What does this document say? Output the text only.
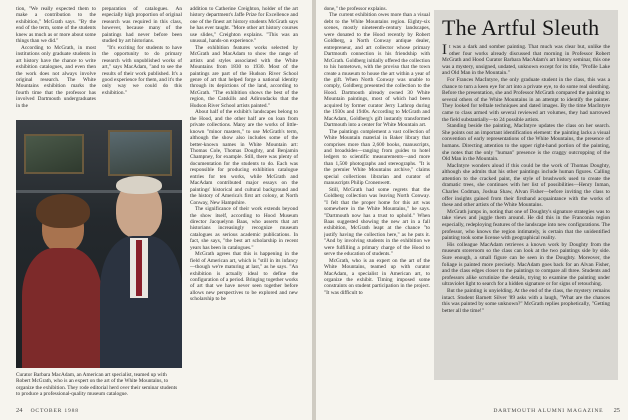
tion, "We really expected them to make a contribution to the exhibition," McGrath says. "By the end of the term, some of the students knew as much as or more about some things than we did."

According to McGrath, in most institutions only graduate students in art history have the chance to write exhibition catalogues, and even then the work does not always involve original research. The White Mountains exhibition marks the fourth time that the professor has involved Dartmouth undergraduates in the

preparation of catalogues. An especially high proportion of original research was required in this class, however, because many of the paintings had never before been studied by art historians.

"It's exciting for students to have the opportunity to do primary research with unpublished works of art," says MacAdam, "and to see the results of their work published. It's a good experience for them, and it's the only way we could do this exhibition."

addition to Catherine Creighton, holder of the art history department's Jaffe Prize for Excellence and one of the finest art history students McGrath says he has ever taught. "More other art history courses use slides," Creighton explains. "This was an unusual, hands-on experience."

The exhibition features works selected by McGrath and MacAdam to show the range of artists and styles associated with the White Mountains from 1830 to 1930. Most of the paintings are part of the Hudson River School genre of art that helped forge a national identity through its depictions of the land, according to McGrath. "The exhibition shows the best of the region, the Catskills and Adirondacks that the Hudson River School artists painted."

About half of the exhibit's landscapes belong to the Hood, and the other half are on loan from private collections. Many are the works of little-known "minor masters," to use McGrath's term, although the show also includes some of the better-known names in White Mountain art: Thomas Cole, Thomas Doughty, and Benjamin Champney, for example. Still, there was plenty of documentation for the students to do. Each was responsible for producing exhibition catalogue entries for ten works, while McGrath and MacAdam contributed major essays on the paintings' historical and cultural background and the history of America's first art colony, at North Conway, New Hampshire.

The significance of their work extends beyond the show itself, according to Hood Museum director Jacquelynn Baas, who asserts that art historians increasingly recognize museum catalogues as serious academic publications. In fact, she says, "the best art scholarship in recent years has been in catalogues."

McGrath agrees that this is happening in the field of American art, which is "still in its infancy—though we're maturing at last," as he says. "An exhibition is actually ideal to define the configuration of a period. Bringing together works of art that we have never seen together before allows new perspectives to be explored and new scholarship to be

Curator Barbara MacAdam, an American art specialist, teamed up with Robert McGrath, who is an expert on the art of the White Mountains, to organize the exhibition. They rode editorial herd over their seminar students to produce a professional-quality museum catalogue.
24 OCTOBER 1988

done," the professor explains.

The current exhibition owes more than a visual debt to the White Mountains region. Eighty-six scenes, mostly nineteenth-century landscapes, were donated to the Hood recently by Robert Goldberg, a North Conway antique dealer, entrepreneur, and art collector whose primary Dartmouth connection is his friendship with McGrath. Goldberg initially offered the collection to his hometown, with the proviso that the town create a museum to house the art within a year of the gift. When North Conway was unable to comply, Goldberg presented the collection to the Hood. Dartmouth already owned 30 White Mountain paintings, most of which had been acquired by former curator Jerry Lathrop during the 1930s and 1940s. According to McGrath and MacAdam, Goldberg's gift instantly transformed Dartmouth into a center for White Mountain art.

The paintings complement a vast collection of White Mountain material in Baker library that comprises more than 2,600 books, manuscripts, and broadsides—ranging from guides to hotel ledgers to scientific measurements—and more than 1,500 photographs and stereographs. "It is the premier White Mountains archive," claims special collections librarian and curator of manuscripts Philip Cronenwett.

Still, McGrath had some regrets that the Goldberg collection was leaving North Conway. "I felt that the proper home for this art was somewhere in the White Mountains," he says. "Dartmouth now has a trust to uphold." When Baas suggested showing the new art in a fall exhibition, McGrath leapt at the chance "to justify having the collection here," as he puts it. "And by involving students in the exhibition we were fulfilling a primary charge of the Hood to serve the education of students."

McGrath, who is an expert on the art of the White Mountains, teamed up with curator MacAdam, a specialist in American art, to organize the exhibit. Timing imposed some constraints on student participation in the project. "It was difficult to

The Artful Sleuth

It was a dark and somber painting. That much was clear but, unlike the other four works already discussed that morning in Professor Robert McGrath and Hood Curator Barbara MacAdam's art history seminar, this one was a mystery, unsigned, undated, unknown except for its title, "Profile Lake and Old Man in the Mountain."

For Frances MacIntyre, the only graduate student in the class, this was a chance to turn a keen eye for art into a private eye, to do some real sleuthing. Before the presentation, she and Professor McGrath compared the painting to several others of the White Mountains in an attempt to identify the painter. They looked for telltale techniques and dated images. By the time MacIntyre came to class armed with several reviewed art volumes, they had narrowed the field substantially—to 24 possible artists.

Standing beside the painting, MacIntyre updates the class on her search. She points out an important identification element: the painting lacks a visual convention of early representations of the White Mountains, the presence of humans. Directing attention to the upper right-hand portion of the painting, she notes that the only "human" presence is the craggy outcropping of the Old Man in the Mountain.

MacIntyre wonders aloud if this could be the work of Thomas Doughty, although she admits that his other paintings include human figures. Calling attention to the cracked paint, the style of brushwork used to create the dramatic trees, she continues with her list of possibilities—Henry Inman, Charles Codman, Joshua Shaw, Alvan Fisher—before inviting the class to offer insights gained from their firsthand acquaintance with the works of these and other artists of the White Mountains.

McGrath jumps in, noting that one of Doughty's signature strategies was to take views and juggle them around. He did this in the Franconia region especially, redeploying features of the landscape into new configurations. The professor, who knows the region intimately, is certain that the unidentified painting took some license with geographical reality.

His colleague MacAdam retrieves a known work by Doughty from the museum storeroom so the class can look at the two paintings side by side. Sure enough, a small figure can be seen in the Doughty. Moreover, the foliage is painted more precisely. MacAdam goes back for an Alvan Fisher, and the class edges closer to the paintings to compare all three. Students and professors alike scrutinize the details, trying to examine the painting under ultraviolet light to search for a hidden signature or for signs of retouching.

But the painting is unyielding. At the end of the class, the mystery remains intact. Student Barnett Silver '89 asks with a laugh, "What are the chances this was painted by some unknown?" McGrath replies prophetically, "Getting better all the time!"

DARTMOUTH ALUMNI MAGAZINE 25
